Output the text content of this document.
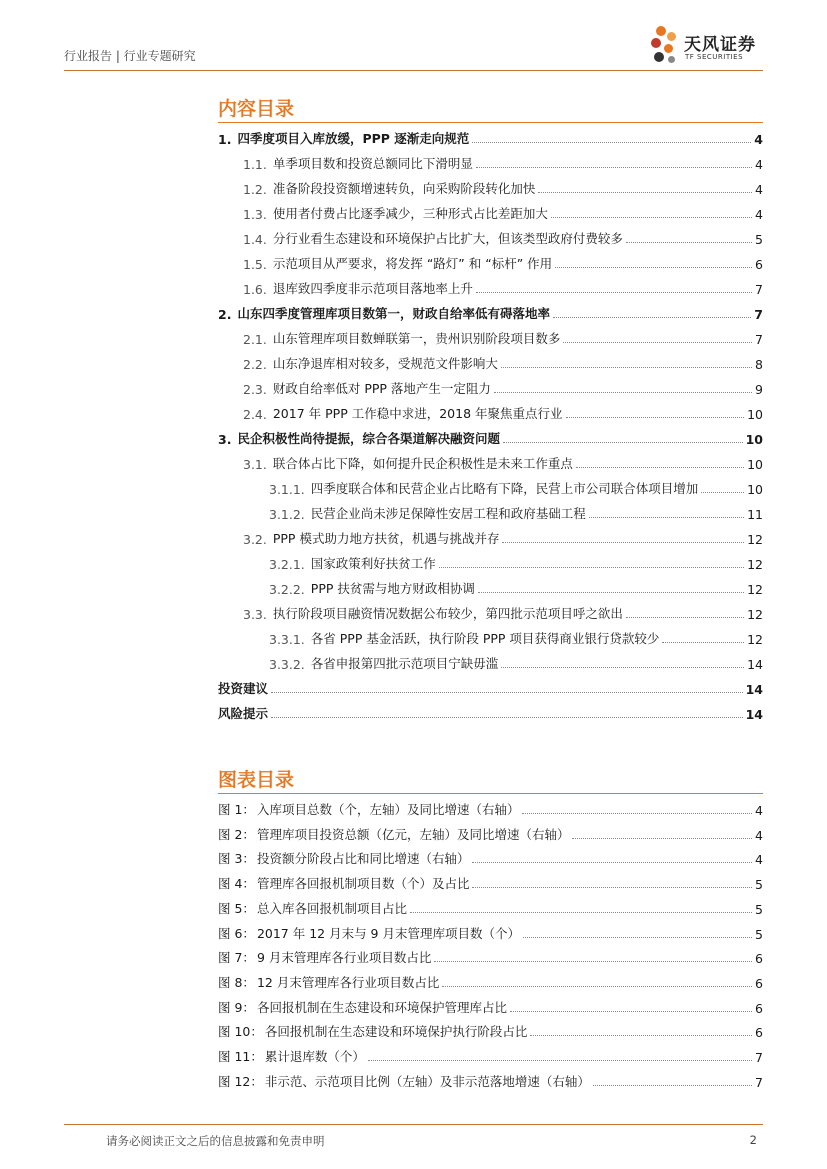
行业报告 | 行业专题研究
天风证券
TF SECURITIES
内容目录
1. 四季度项目入库放缓，PPP 逐渐走向规范	4
1.1. 单季项目数和投资总额同比下滑明显	4
1.2. 准备阶段投资额增速转负，向采购阶段转化加快	4
1.3. 使用者付费占比逐季减少，三种形式占比差距加大	4
1.4. 分行业看生态建设和环境保护占比扩大，但该类型政府付费较多	5
1.5. 示范项目从严要求，将发挥 “路灯” 和 “标杆” 作用	6
1.6. 退库致四季度非示范项目落地率上升	7
2. 山东四季度管理库项目数第一，财政自给率低有碍落地率	7
2.1. 山东管理库项目数蝉联第一，贵州识别阶段项目数多	7
2.2. 山东净退库相对较多，受规范文件影响大	8
2.3. 财政自给率低对 PPP 落地产生一定阻力	9
2.4. 2017 年 PPP 工作稳中求进，2018 年聚焦重点行业	10
3. 民企积极性尚待提振，综合各渠道解决融资问题	10
3.1. 联合体占比下降，如何提升民企积极性是未来工作重点	10
3.1.1. 四季度联合体和民营企业占比略有下降，民营上市公司联合体项目增加	10
3.1.2. 民营企业尚未涉足保障性安居工程和政府基础工程	11
3.2. PPP 模式助力地方扶贫，机遇与挑战并存	12
3.2.1. 国家政策利好扶贫工作	12
3.2.2. PPP 扶贫需与地方财政相协调	12
3.3. 执行阶段项目融资情况数据公布较少，第四批示范项目呼之欲出	12
3.3.1. 各省 PPP 基金活跃，执行阶段 PPP 项目获得商业银行贷款较少	12
3.3.2. 各省申报第四批示范项目宁缺毋滥	14
投资建议	14
风险提示	14
图表目录
图 1： 入库项目总数（个，左轴）及同比增速（右轴）	4
图 2： 管理库项目投资总额（亿元，左轴）及同比增速（右轴）	4
图 3： 投资额分阶段占比和同比增速（右轴）	4
图 4： 管理库各回报机制项目数（个）及占比	5
图 5： 总入库各回报机制项目占比	5
图 6： 2017 年 12 月末与 9 月末管理库项目数（个）	5
图 7： 9 月末管理库各行业项目数占比	6
图 8： 12 月末管理库各行业项目数占比	6
图 9： 各回报机制在生态建设和环境保护管理库占比	6
图 10： 各回报机制在生态建设和环境保护执行阶段占比	6
图 11： 累计退库数（个）	7
图 12： 非示范、示范项目比例（左轴）及非示范落地增速（右轴）	7
请务必阅读正文之后的信息披露和免责申明	2
